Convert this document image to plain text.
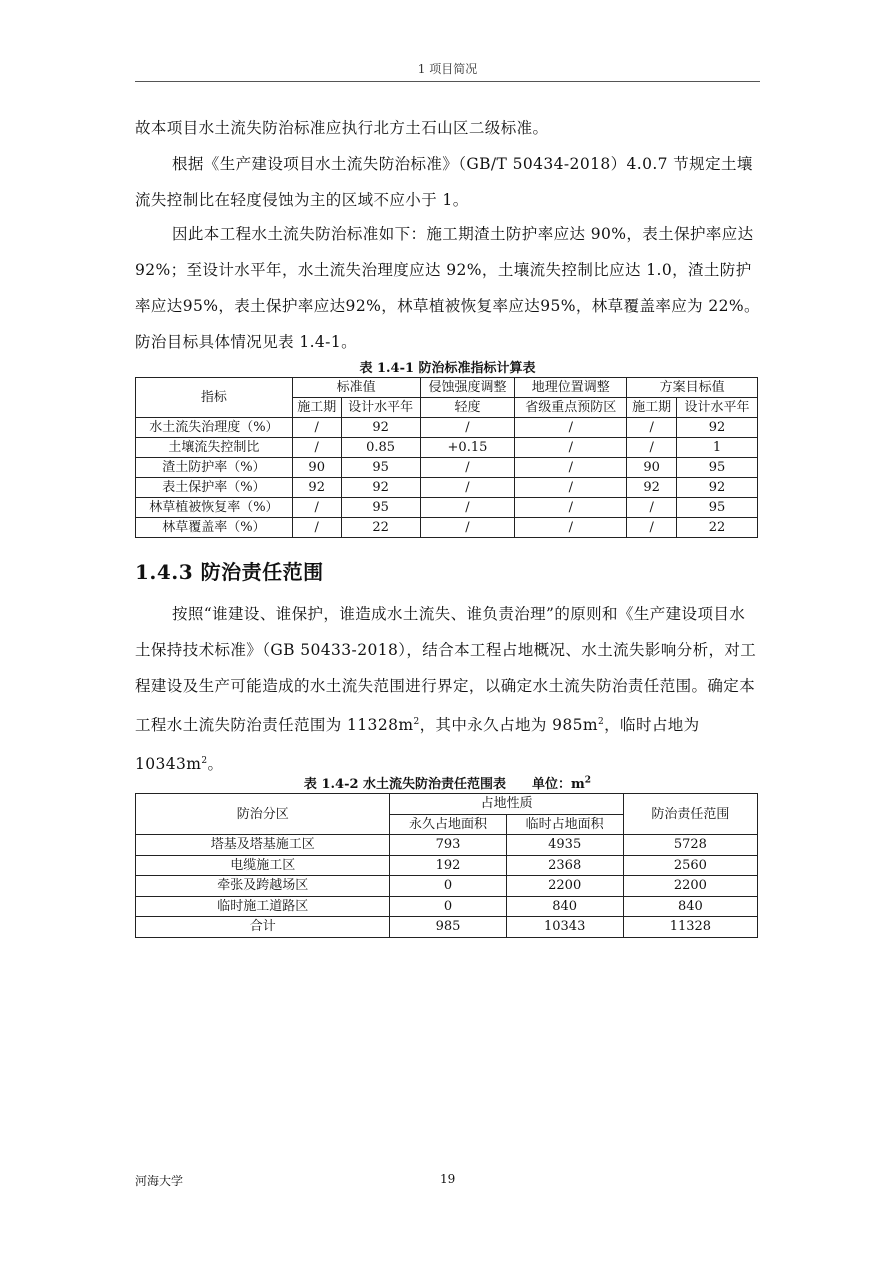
1 项目简况

故本项目水土流失防治标准应执行北方土石山区二级标准。

根据《生产建设项目水土流失防治标准》（GB/T 50434-2018）4.0.7 节规定土壤流失控制比在轻度侵蚀为主的区域不应小于 1。

因此本工程水土流失防治标准如下：施工期渣土防护率应达 90%，表土保护率应达 92%；至设计水平年，水土流失治理度应达 92%，土壤流失控制比应达 1.0，渣土防护率应达95%，表土保护率应达92%，林草植被恢复率应达95%，林草覆盖率应为 22%。防治目标具体情况见表 1.4-1。

表 1.4-1 防治标准指标计算表
指标	标准值		侵蚀强度调整	地理位置调整	方案目标值	
	施工期	设计水平年	轻度	省级重点预防区	施工期	设计水平年
水土流失治理度（%）	/	92	/	/	/	92
土壤流失控制比	/	0.85	+0.15	/	/	1
渣土防护率（%）	90	95	/	/	90	95
表土保护率（%）	92	92	/	/	92	92
林草植被恢复率（%）	/	95	/	/	/	95
林草覆盖率（%）	/	22	/	/	/	22
1.4.3 防治责任范围

按照“谁建设、谁保护，谁造成水土流失、谁负责治理”的原则和《生产建设项目水土保持技术标准》（GB 50433-2018），结合本工程占地概况、水土流失影响分析，对工程建设及生产可能造成的水土流失范围进行界定，以确定水土流失防治责任范围。确定本工程水土流失防治责任范围为 $11328m^2$，其中永久占地为 $985m^2$，临时占地为 $10343m^2$。

表 1.4-2 水土流失防治责任范围表　　单位：$m^2$
防治分区	占地性质		防治责任范围
	永久占地面积	临时占地面积	
塔基及塔基施工区	793	4935	5728
电缆施工区	192	2368	2560
牵张及跨越场区	0	2200	2200
临时施工道路区	0	840	840
合计	985	10343	11328
河海大学	19
